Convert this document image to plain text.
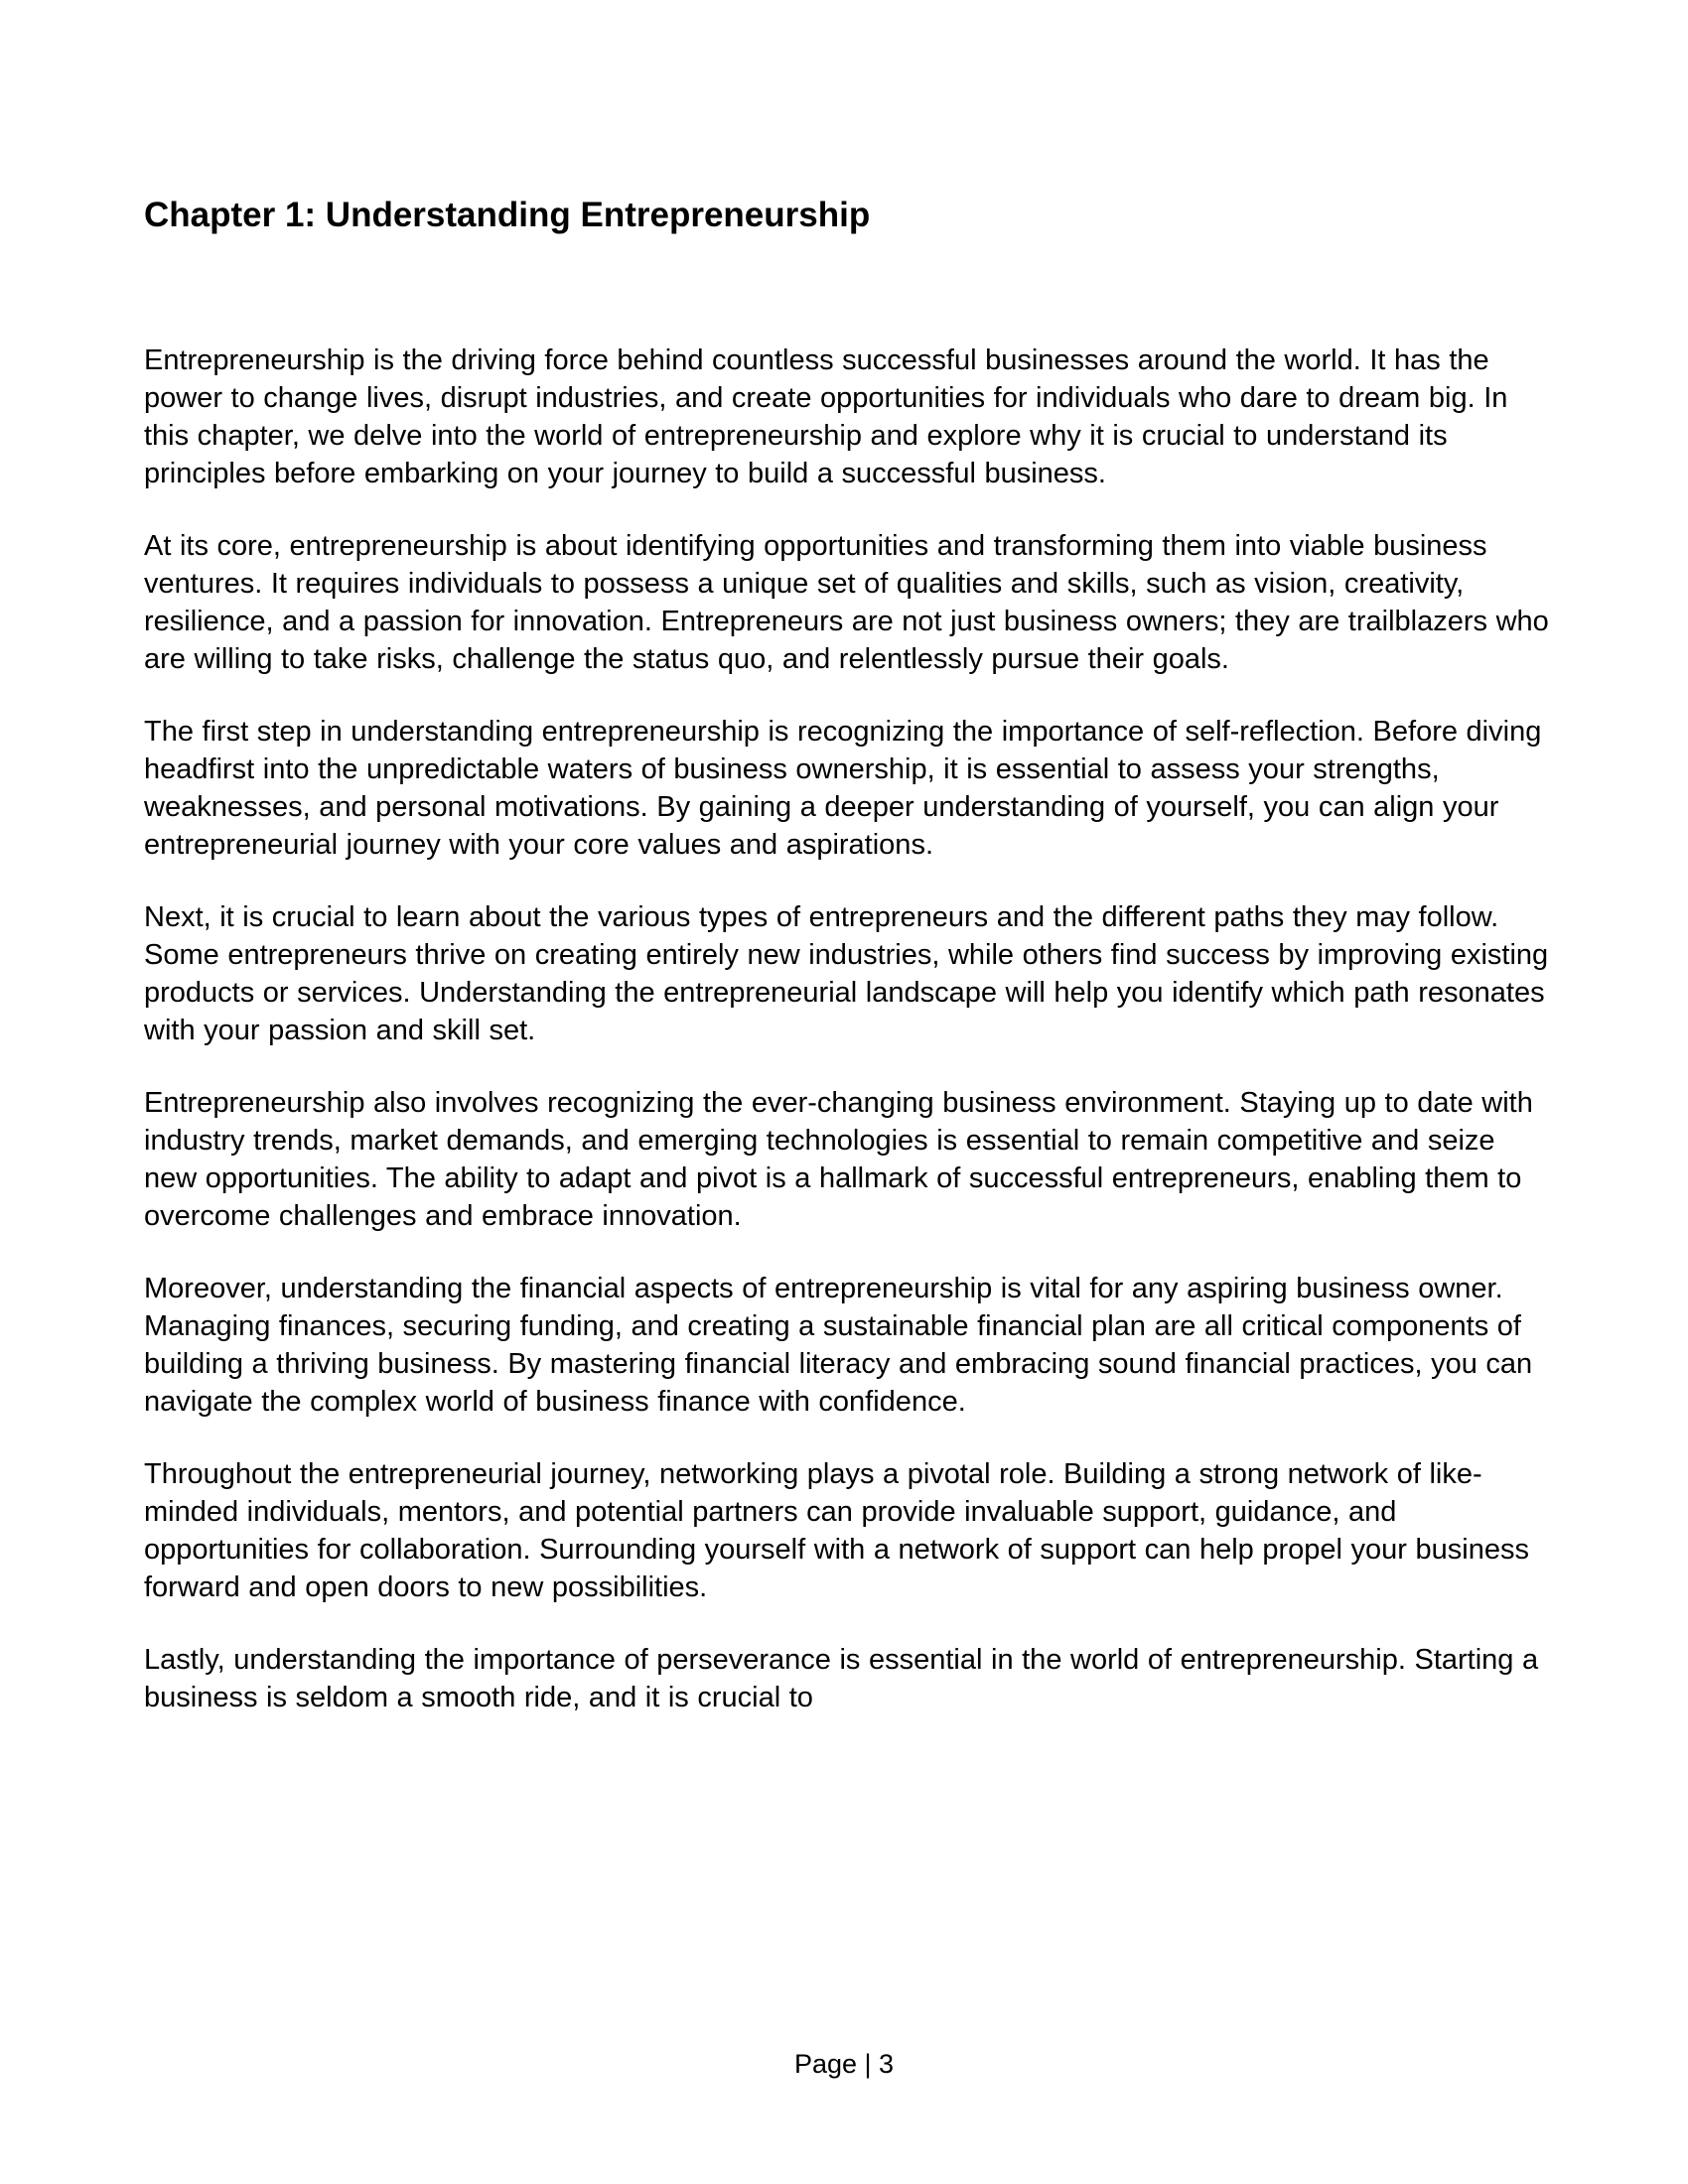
Chapter 1: Understanding Entrepreneurship

Entrepreneurship is the driving force behind countless successful businesses around the world. It has the power to change lives, disrupt industries, and create opportunities for individuals who dare to dream big. In this chapter, we delve into the world of entrepreneurship and explore why it is crucial to understand its principles before embarking on your journey to build a successful business.

At its core, entrepreneurship is about identifying opportunities and transforming them into viable business ventures. It requires individuals to possess a unique set of qualities and skills, such as vision, creativity, resilience, and a passion for innovation. Entrepreneurs are not just business owners; they are trailblazers who are willing to take risks, challenge the status quo, and relentlessly pursue their goals.

The first step in understanding entrepreneurship is recognizing the importance of self-reflection. Before diving headfirst into the unpredictable waters of business ownership, it is essential to assess your strengths, weaknesses, and personal motivations. By gaining a deeper understanding of yourself, you can align your entrepreneurial journey with your core values and aspirations.

Next, it is crucial to learn about the various types of entrepreneurs and the different paths they may follow. Some entrepreneurs thrive on creating entirely new industries, while others find success by improving existing products or services. Understanding the entrepreneurial landscape will help you identify which path resonates with your passion and skill set.

Entrepreneurship also involves recognizing the ever-changing business environment. Staying up to date with industry trends, market demands, and emerging technologies is essential to remain competitive and seize new opportunities. The ability to adapt and pivot is a hallmark of successful entrepreneurs, enabling them to overcome challenges and embrace innovation.

Moreover, understanding the financial aspects of entrepreneurship is vital for any aspiring business owner. Managing finances, securing funding, and creating a sustainable financial plan are all critical components of building a thriving business. By mastering financial literacy and embracing sound financial practices, you can navigate the complex world of business finance with confidence.

Throughout the entrepreneurial journey, networking plays a pivotal role. Building a strong network of like-minded individuals, mentors, and potential partners can provide invaluable support, guidance, and opportunities for collaboration. Surrounding yourself with a network of support can help propel your business forward and open doors to new possibilities.

Lastly, understanding the importance of perseverance is essential in the world of entrepreneurship. Starting a business is seldom a smooth ride, and it is crucial to

Page | 3
